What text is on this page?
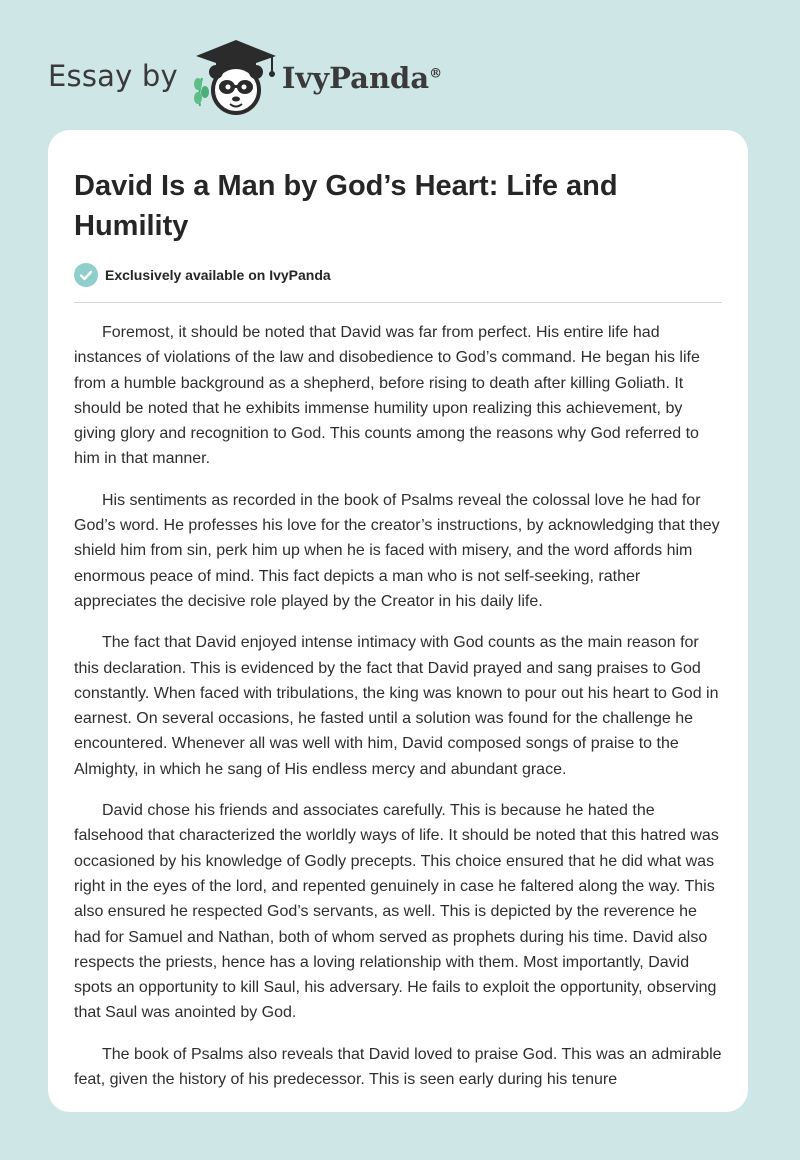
Essay by	IvyPanda®
David Is a Man by God’s Heart: Life and Humility
Exclusively available on IvyPanda

Foremost, it should be noted that David was far from perfect. His entire life had instances of violations of the law and disobedience to God’s command. He began his life from a humble background as a shepherd, before rising to death after killing Goliath. It should be noted that he exhibits immense humility upon realizing this achievement, by giving glory and recognition to God. This counts among the reasons why God referred to him in that manner.

His sentiments as recorded in the book of Psalms reveal the colossal love he had for God’s word. He professes his love for the creator’s instructions, by acknowledging that they shield him from sin, perk him up when he is faced with misery, and the word affords him enormous peace of mind. This fact depicts a man who is not self-seeking, rather appreciates the decisive role played by the Creator in his daily life.

The fact that David enjoyed intense intimacy with God counts as the main reason for this declaration. This is evidenced by the fact that David prayed and sang praises to God constantly. When faced with tribulations, the king was known to pour out his heart to God in earnest. On several occasions, he fasted until a solution was found for the challenge he encountered. Whenever all was well with him, David composed songs of praise to the Almighty, in which he sang of His endless mercy and abundant grace.

David chose his friends and associates carefully. This is because he hated the falsehood that characterized the worldly ways of life. It should be noted that this hatred was occasioned by his knowledge of Godly precepts. This choice ensured that he did what was right in the eyes of the lord, and repented genuinely in case he faltered along the way. This also ensured he respected God’s servants, as well. This is depicted by the reverence he had for Samuel and Nathan, both of whom served as prophets during his time. David also respects the priests, hence has a loving relationship with them. Most importantly, David spots an opportunity to kill Saul, his adversary. He fails to exploit the opportunity, observing that Saul was anointed by God.

The book of Psalms also reveals that David loved to praise God. This was an admirable feat, given the history of his predecessor. This is seen early during his tenure
